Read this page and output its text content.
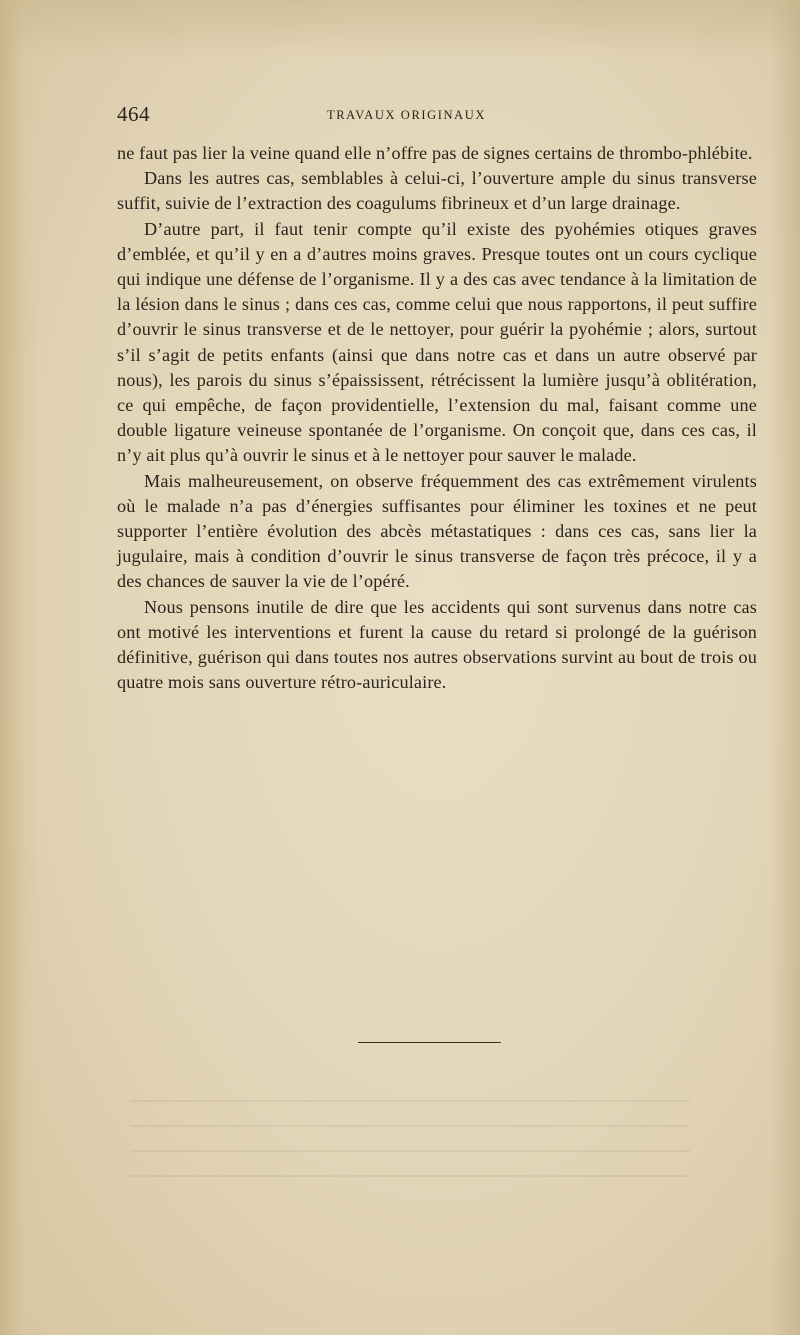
464	TRAVAUX ORIGINAUX

ne faut pas lier la veine quand elle n’offre pas de signes certains de thrombo-phlébite.

Dans les autres cas, semblables à celui-ci, l’ouverture ample du sinus transverse suffit, suivie de l’extraction des coagulums fibrineux et d’un large drainage.

D’autre part, il faut tenir compte qu’il existe des pyohémies otiques graves d’emblée, et qu’il y en a d’autres moins graves. Presque toutes ont un cours cyclique qui indique une défense de l’organisme. Il y a des cas avec tendance à la limitation de la lésion dans le sinus ; dans ces cas, comme celui que nous rapportons, il peut suffire d’ouvrir le sinus transverse et de le nettoyer, pour guérir la pyohémie ; alors, surtout s’il s’agit de petits enfants (ainsi que dans notre cas et dans un autre observé par nous), les parois du sinus s’épaississent, rétrécissent la lumière jusqu’à oblitération, ce qui empêche, de façon providentielle, l’extension du mal, faisant comme une double ligature veineuse spontanée de l’organisme. On conçoit que, dans ces cas, il n’y ait plus qu’à ouvrir le sinus et à le nettoyer pour sauver le malade.

Mais malheureusement, on observe fréquemment des cas extrêmement virulents où le malade n’a pas d’énergies suffisantes pour éliminer les toxines et ne peut supporter l’entière évolution des abcès métastatiques : dans ces cas, sans lier la jugulaire, mais à condition d’ouvrir le sinus transverse de façon très précoce, il y a des chances de sauver la vie de l’opéré.

Nous pensons inutile de dire que les accidents qui sont survenus dans notre cas ont motivé les interventions et furent la cause du retard si prolongé de la guérison définitive, guérison qui dans toutes nos autres observations survint au bout de trois ou quatre mois sans ouverture rétro-auriculaire.
